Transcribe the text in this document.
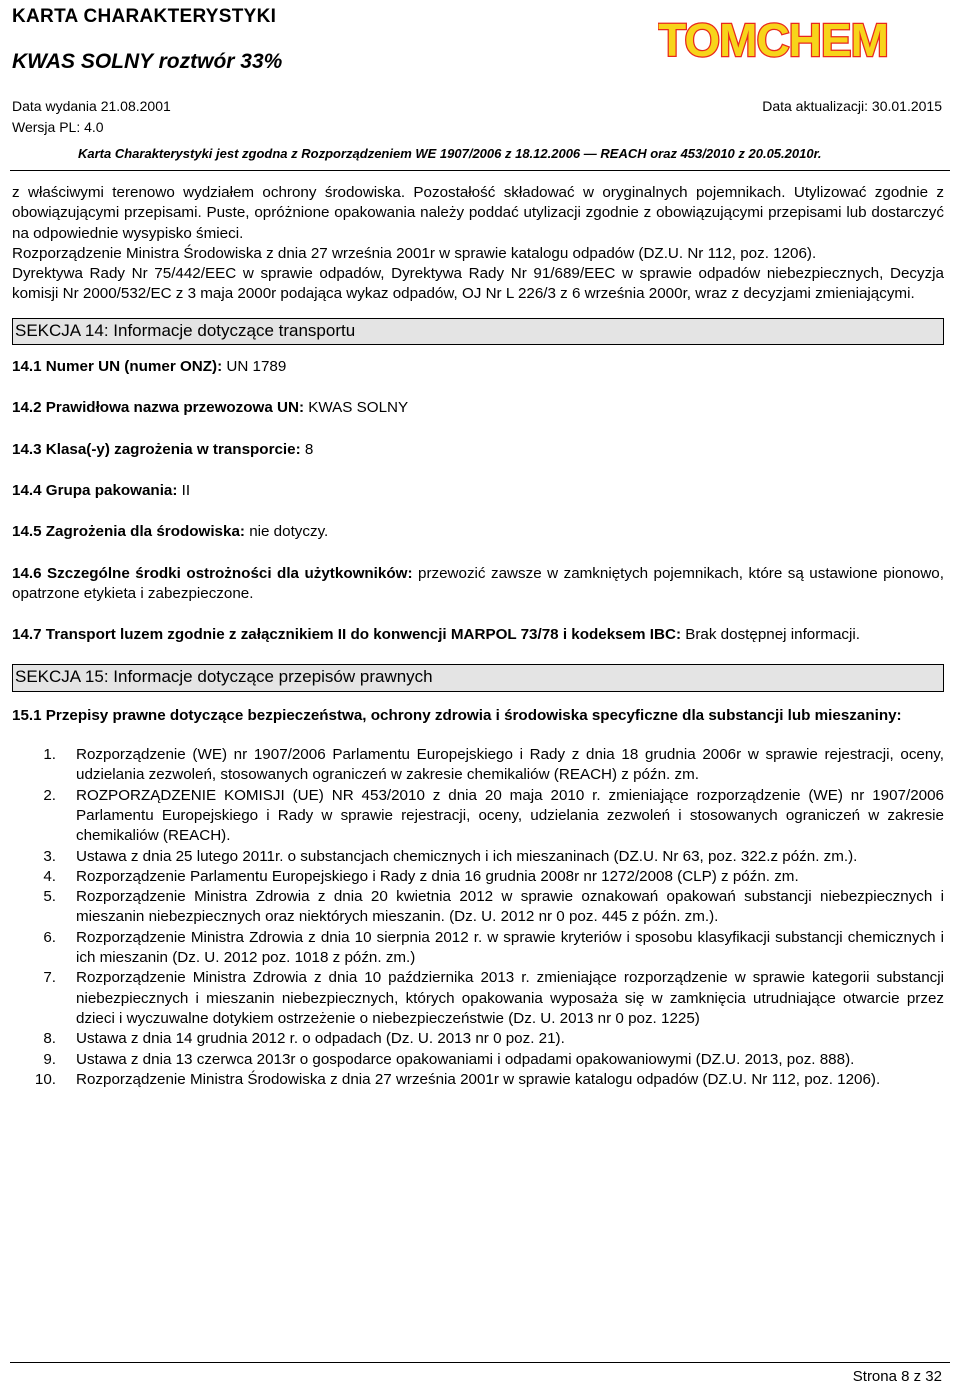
KARTA CHARAKTERYSTYKI
KWAS SOLNY roztwór 33%	TOMCHEM
Data wydania 21.08.2001	Data aktualizacji: 30.01.2015
Wersja PL: 4.0
Karta Charakterystyki jest zgodna z Rozporządzeniem WE 1907/2006 z 18.12.2006 — REACH oraz 453/2010 z 20.05.2010r.

z właściwymi terenowo wydziałem ochrony środowiska. Pozostałość składować w oryginalnych pojemnikach. Utylizować zgodnie z obowiązującymi przepisami. Puste, opróżnione opakowania należy poddać utylizacji zgodnie z obowiązującymi przepisami lub dostarczyć na odpowiednie wysypisko śmieci.

Rozporządzenie Ministra Środowiska z dnia 27 września 2001r w sprawie katalogu odpadów (DZ.U. Nr 112, poz. 1206).

Dyrektywa Rady Nr 75/442/EEC w sprawie odpadów, Dyrektywa Rady Nr 91/689/EEC w sprawie odpadów niebezpiecznych, Decyzja komisji Nr 2000/532/EC z 3 maja 2000r podająca wykaz odpadów, OJ Nr L 226/3 z 6 września 2000r, wraz z decyzjami zmieniającymi.

SEKCJA 14: Informacje dotyczące transportu

14.1 Numer UN (numer ONZ): UN 1789

14.2 Prawidłowa nazwa przewozowa UN: KWAS SOLNY

14.3 Klasa(-y) zagrożenia w transporcie: 8

14.4 Grupa pakowania: II

14.5 Zagrożenia dla środowiska: nie dotyczy.

14.6 Szczególne środki ostrożności dla użytkowników: przewozić zawsze w zamkniętych pojemnikach, które są ustawione pionowo, opatrzone etykieta i zabezpieczone.

14.7 Transport luzem zgodnie z załącznikiem II do konwencji MARPOL 73/78 i kodeksem IBC: Brak dostępnej informacji.

SEKCJA 15: Informacje dotyczące przepisów prawnych

15.1 Przepisy prawne dotyczące bezpieczeństwa, ochrony zdrowia i środowiska specyficzne dla substancji lub mieszaniny:

1. Rozporządzenie (WE) nr 1907/2006 Parlamentu Europejskiego i Rady z dnia 18 grudnia 2006r w sprawie rejestracji, oceny, udzielania zezwoleń, stosowanych ograniczeń w zakresie chemikaliów (REACH) z późn. zm.
2. ROZPORZĄDZENIE KOMISJI (UE) NR 453/2010 z dnia 20 maja 2010 r. zmieniające rozporządzenie (WE) nr 1907/2006 Parlamentu Europejskiego i Rady w sprawie rejestracji, oceny, udzielania zezwoleń i stosowanych ograniczeń w zakresie chemikaliów (REACH).
3. Ustawa z dnia 25 lutego 2011r. o substancjach chemicznych i ich mieszaninach (DZ.U. Nr 63, poz. 322.z późn. zm.).
4. Rozporządzenie Parlamentu Europejskiego i Rady z dnia 16 grudnia 2008r nr 1272/2008 (CLP) z późn. zm.
5. Rozporządzenie Ministra Zdrowia z dnia 20 kwietnia 2012 w sprawie oznakowań opakowań substancji niebezpiecznych i mieszanin niebezpiecznych oraz niektórych mieszanin. (Dz. U. 2012 nr 0 poz. 445 z późn. zm.).
6. Rozporządzenie Ministra Zdrowia z dnia 10 sierpnia 2012 r. w sprawie kryteriów i sposobu klasyfikacji substancji chemicznych i ich mieszanin (Dz. U. 2012 poz. 1018 z późn. zm.)
7. Rozporządzenie Ministra Zdrowia z dnia 10 października 2013 r. zmieniające rozporządzenie w sprawie kategorii substancji niebezpiecznych i mieszanin niebezpiecznych, których opakowania wyposaża się w zamknięcia utrudniające otwarcie przez dzieci i wyczuwalne dotykiem ostrzeżenie o niebezpieczeństwie (Dz. U. 2013 nr 0 poz. 1225)
8. Ustawa z dnia 14 grudnia 2012 r. o odpadach (Dz. U. 2013 nr 0 poz. 21).
9. Ustawa z dnia 13 czerwca 2013r o gospodarce opakowaniami i odpadami opakowaniowymi (DZ.U. 2013, poz. 888).
10. Rozporządzenie Ministra Środowiska z dnia 27 września 2001r w sprawie katalogu odpadów (DZ.U. Nr 112, poz. 1206).
Strona 8 z 32
